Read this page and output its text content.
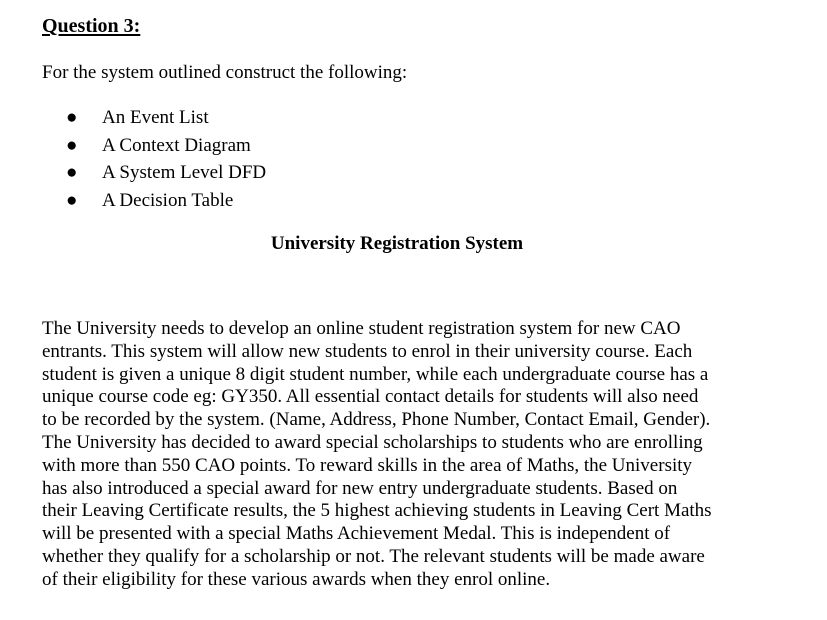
Question 3:

For the system outlined construct the following:

●	An Event List
●	A Context Diagram
●	A System Level DFD
●	A Decision Table
University Registration System

The University needs to develop an online student registration system for new CAO
entrants. This system will allow new students to enrol in their university course. Each
student is given a unique 8 digit student number, while each undergraduate course has a
unique course code eg: GY350. All essential contact details for students will also need
to be recorded by the system. (Name, Address, Phone Number, Contact Email, Gender).
The University has decided to award special scholarships to students who are enrolling
with more than 550 CAO points. To reward skills in the area of Maths, the University
has also introduced a special award for new entry undergraduate students. Based on
their Leaving Certificate results, the 5 highest achieving students in Leaving Cert Maths
will be presented with a special Maths Achievement Medal. This is independent of
whether they qualify for a scholarship or not. The relevant students will be made aware
of their eligibility for these various awards when they enrol online.
